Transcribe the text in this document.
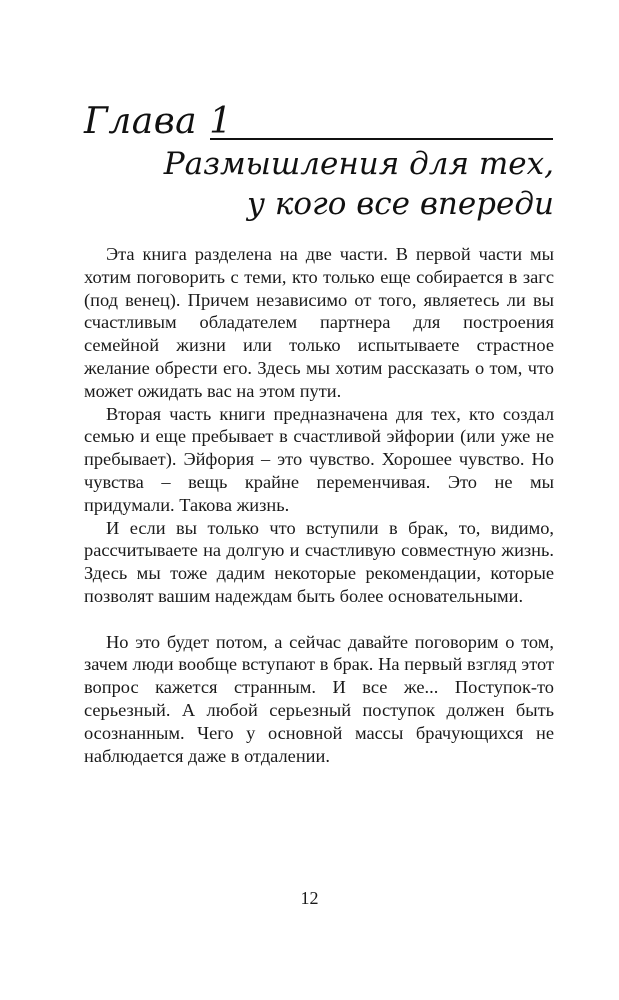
Глава 1
Размышления для тех,
у кого все впереди

Эта книга разделена на две части. В первой части мы хотим поговорить с теми, кто только еще собирается в загс (под венец). Причем независимо от того, являетесь ли вы счастливым обладателем партнера для построения семейной жизни или только испытываете страстное желание обрести его. Здесь мы хотим рассказать о том, что может ожидать вас на этом пути.

Вторая часть книги предназначена для тех, кто создал семью и еще пребывает в счастливой эйфории (или уже не пребывает). Эйфория – это чувство. Хорошее чувство. Но чувства – вещь крайне переменчивая. Это не мы придумали. Такова жизнь.

И если вы только что вступили в брак, то, видимо, рассчитываете на долгую и счастливую совместную жизнь. Здесь мы тоже дадим некоторые рекомендации, которые позволят вашим надеждам быть более основательными.

Но это будет потом, а сейчас давайте поговорим о том, зачем люди вообще вступают в брак. На первый взгляд этот вопрос кажется странным. И все же... Поступок-то серьезный. А любой серьезный поступок должен быть осознанным. Чего у основной массы брачующихся не наблюдается даже в отдалении.

12
